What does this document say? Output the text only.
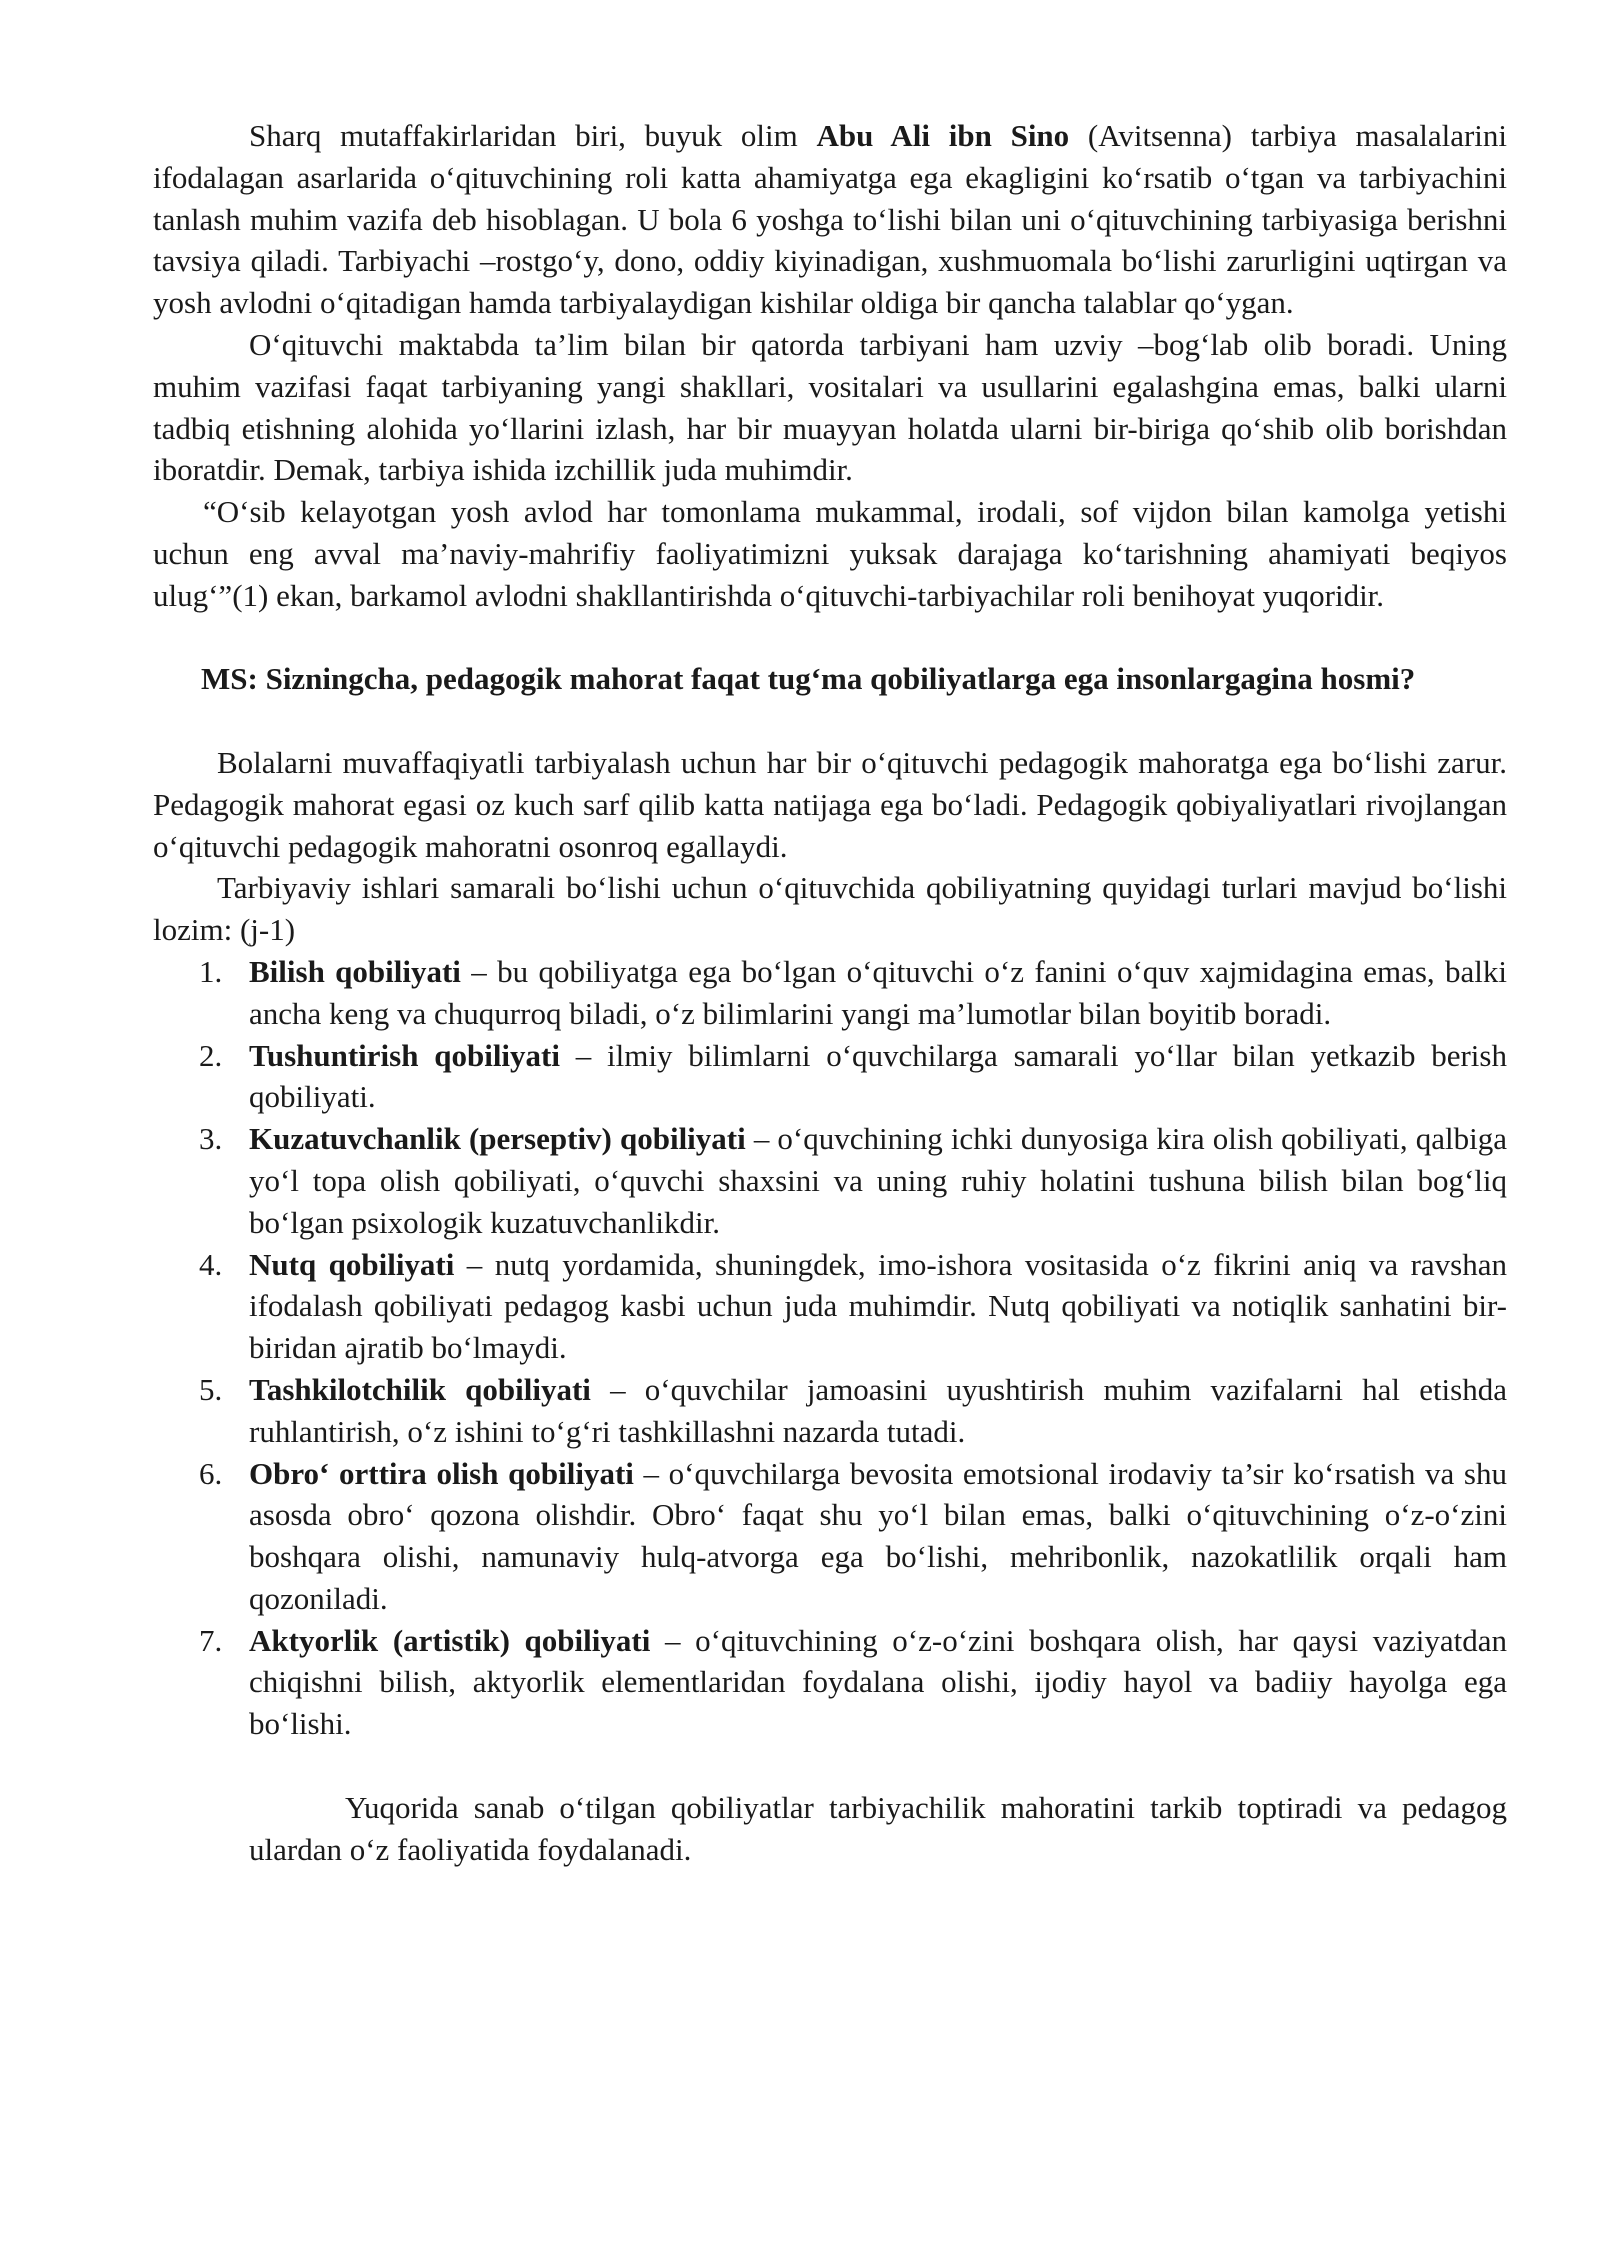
Sharq mutaffakirlaridan biri, buyuk olim Abu Ali ibn Sino (Avitsenna) tarbiya masalalarini ifodalagan asarlarida oʻqituvchining roli katta ahamiyatga ega ekagligini koʻrsatib oʻtgan va tarbiyachini tanlash muhim vazifa deb hisoblagan. U bola 6 yoshga toʻlishi bilan uni oʻqituvchining tarbiyasiga berishni tavsiya qiladi. Tarbiyachi –rostgoʻy, dono, oddiy kiyinadigan, xushmuomala boʻlishi zarurligini uqtirgan va yosh avlodni oʻqitadigan hamda tarbiyalaydigan kishilar oldiga bir qancha talablar qoʻygan.

Oʻqituvchi maktabda ta’lim bilan bir qatorda tarbiyani ham uzviy –bogʻlab olib boradi. Uning muhim vazifasi faqat tarbiyaning yangi shakllari, vositalari va usullarini egalashgina emas, balki ularni tadbiq etishning alohida yoʻllarini izlash, har bir muayyan holatda ularni bir-biriga qoʻshib olib borishdan iboratdir. Demak, tarbiya ishida izchillik juda muhimdir.

“Oʻsib kelayotgan yosh avlod har tomonlama mukammal, irodali, sof vijdon bilan kamolga yetishi uchun eng avval ma’naviy-mahrifiy faoliyatimizni yuksak darajaga koʻtarishning ahamiyati beqiyos ulugʻ”(1) ekan, barkamol avlodni shakllantirishda oʻqituvchi-tarbiyachilar roli benihoyat yuqoridir.

MS: Sizningcha, pedagogik mahorat faqat tugʻma qobiliyatlarga ega insonlargagina hosmi?

Bolalarni muvaffaqiyatli tarbiyalash uchun har bir oʻqituvchi pedagogik mahoratga ega boʻlishi zarur. Pedagogik mahorat egasi oz kuch sarf qilib katta natijaga ega boʻladi. Pedagogik qobiyaliyatlari rivojlangan oʻqituvchi pedagogik mahoratni osonroq egallaydi.

Tarbiyaviy ishlari samarali boʻlishi uchun oʻqituvchida qobiliyatning quyidagi turlari mavjud boʻlishi lozim: (j-1)

1. Bilish qobiliyati – bu qobiliyatga ega boʻlgan oʻqituvchi oʻz fanini oʻquv xajmidagina emas, balki ancha keng va chuqurroq biladi, oʻz bilimlarini yangi ma’lumotlar bilan boyitib boradi.
2. Tushuntirish qobiliyati – ilmiy bilimlarni oʻquvchilarga samarali yoʻllar bilan yetkazib berish qobiliyati.
3. Kuzatuvchanlik (perseptiv) qobiliyati – oʻquvchining ichki dunyosiga kira olish qobiliyati, qalbiga yoʻl topa olish qobiliyati, oʻquvchi shaxsini va uning ruhiy holatini tushuna bilish bilan bogʻliq boʻlgan psixologik kuzatuvchanlikdir.
4. Nutq qobiliyati – nutq yordamida, shuningdek, imo-ishora vositasida oʻz fikrini aniq va ravshan ifodalash qobiliyati pedagog kasbi uchun juda muhimdir. Nutq qobiliyati va notiqlik sanhatini bir-biridan ajratib boʻlmaydi.
5. Tashkilotchilik qobiliyati – oʻquvchilar jamoasini uyushtirish muhim vazifalarni hal etishda ruhlantirish, oʻz ishini toʻgʻri tashkillashni nazarda tutadi.
6. Obroʻ orttira olish qobiliyati – oʻquvchilarga bevosita emotsional irodaviy ta’sir koʻrsatish va shu asosda obroʻ qozona olishdir. Obroʻ faqat shu yoʻl bilan emas, balki oʻqituvchining oʻz-oʻzini boshqara olishi, namunaviy hulq-atvorga ega boʻlishi, mehribonlik, nazokatlilik orqali ham qozoniladi.
7. Aktyorlik (artistik) qobiliyati – oʻqituvchining oʻz-oʻzini boshqara olish, har qaysi vaziyatdan chiqishni bilish, aktyorlik elementlaridan foydalana olishi, ijodiy hayol va badiiy hayolga ega boʻlishi.

Yuqorida sanab oʻtilgan qobiliyatlar tarbiyachilik mahoratini tarkib toptiradi va pedagog ulardan oʻz faoliyatida foydalanadi.
